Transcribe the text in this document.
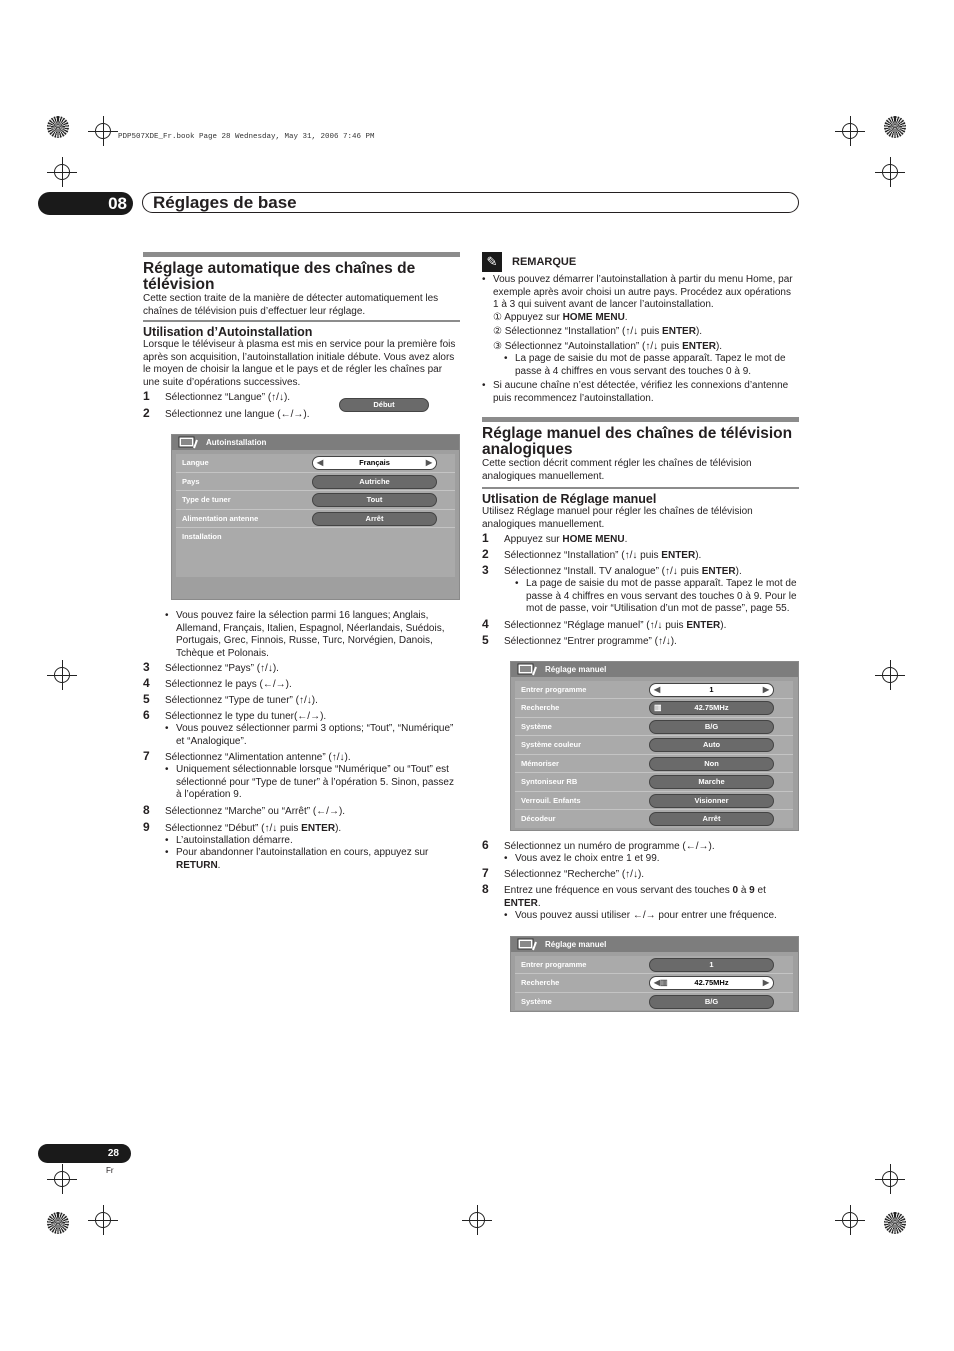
PDP507XDE_Fr.book Page 28 Wednesday, May 31, 2006 7:46 PM
08	Réglages de base
Réglage automatique des chaînes de télévision

Cette section traite de la manière de détecter automatiquement les chaînes de télévision puis d’effectuer leur réglage.

Utilisation d’Autoinstallation

Lorsque le téléviseur à plasma est mis en service pour la première fois après son acquisition, l’autoinstallation initiale débute. Vous avez alors le moyen de choisir la langue et le pays et de régler les chaînes par une suite d’opérations successives.

1 Sélectionnez “Langue” (↑/↓).
2 Sélectionnez une langue (←/→).
Autoinstallation
Langue	◀	Français	▶
Pays	Autriche
Type de tuner	Tout
Alimentation antenne	Arrêt
Installation
Début
• Vous pouvez faire la sélection parmi 16 langues; Anglais, Allemand, Français, Italien, Espagnol, Néerlandais, Suédois, Portugais, Grec, Finnois, Russe, Turc, Norvégien, Danois, Tchèque et Polonais.
3 Sélectionnez “Pays” (↑/↓).
4 Sélectionnez le pays (←/→).
5 Sélectionnez “Type de tuner” (↑/↓).
6 Sélectionnez le type du tuner(←/→).
• Vous pouvez sélectionner parmi 3 options; “Tout”, “Numérique” et “Analogique”.
7 Sélectionnez “Alimentation antenne” (↑/↓).
• Uniquement sélectionnable lorsque “Numérique” ou “Tout” est sélectionné pour “Type de tuner” à l’opération 5. Sinon, passez à l’opération 9.
8 Sélectionnez “Marche” ou “Arrêt” (←/→).
9 Sélectionnez “Début” (↑/↓ puis ENTER).
• L’autoinstallation démarre.
• Pour abandonner l’autoinstallation en cours, appuyez sur RETURN.
✎	REMARQUE
• Vous pouvez démarrer l’autoinstallation à partir du menu Home, par exemple après avoir choisi un autre pays. Procédez aux opérations 1 à 3 qui suivent avant de lancer l’autoinstallation.
① Appuyez sur HOME MENU.
② Sélectionnez “Installation” (↑/↓ puis ENTER).
③ Sélectionnez “Autoinstallation” (↑/↓ puis ENTER).
• La page de saisie du mot de passe apparaît. Tapez le mot de passe à 4 chiffres en vous servant des touches 0 à 9.
• Si aucune chaîne n’est détectée, vérifiez les connexions d’antenne puis recommencez l’autoinstallation.
Réglage manuel des chaînes de télévision analogiques

Cette section décrit comment régler les chaînes de télévision analogiques manuellement.

Utlisation de Réglage manuel

Utilisez Réglage manuel pour régler les chaînes de télévision analogiques manuellement.

1 Appuyez sur HOME MENU.
2 Sélectionnez “Installation” (↑/↓ puis ENTER).
3 Sélectionnez “Install. TV analogue” (↑/↓ puis ENTER).
• La page de saisie du mot de passe apparaît. Tapez le mot de passe à 4 chiffres en vous servant des touches 0 à 9. Pour le mot de passe, voir “Utilisation d’un mot de passe”, page 55.
4 Sélectionnez “Réglage manuel” (↑/↓ puis ENTER).
5 Sélectionnez “Entrer programme” (↑/↓).
Réglage manuel
Entrer programme	◀	1	▶
Recherche	▥	42.75MHz
Système	B/G
Système couleur	Auto
Mémoriser	Non
Syntoniseur RB	Marche
Verrouil. Enfants	Visionner
Décodeur	Arrêt
6 Sélectionnez un numéro de programme (←/→).
• Vous avez le choix entre 1 et 99.
7 Sélectionnez “Recherche” (↑/↓).
8 Entrez une fréquence en vous servant des touches 0 à 9 et ENTER.
• Vous pouvez aussi utiliser ←/→ pour entrer une fréquence.
Réglage manuel
Entrer programme	1
Recherche	◀▥	42.75MHz	▶
Système	B/G
28
Fr
